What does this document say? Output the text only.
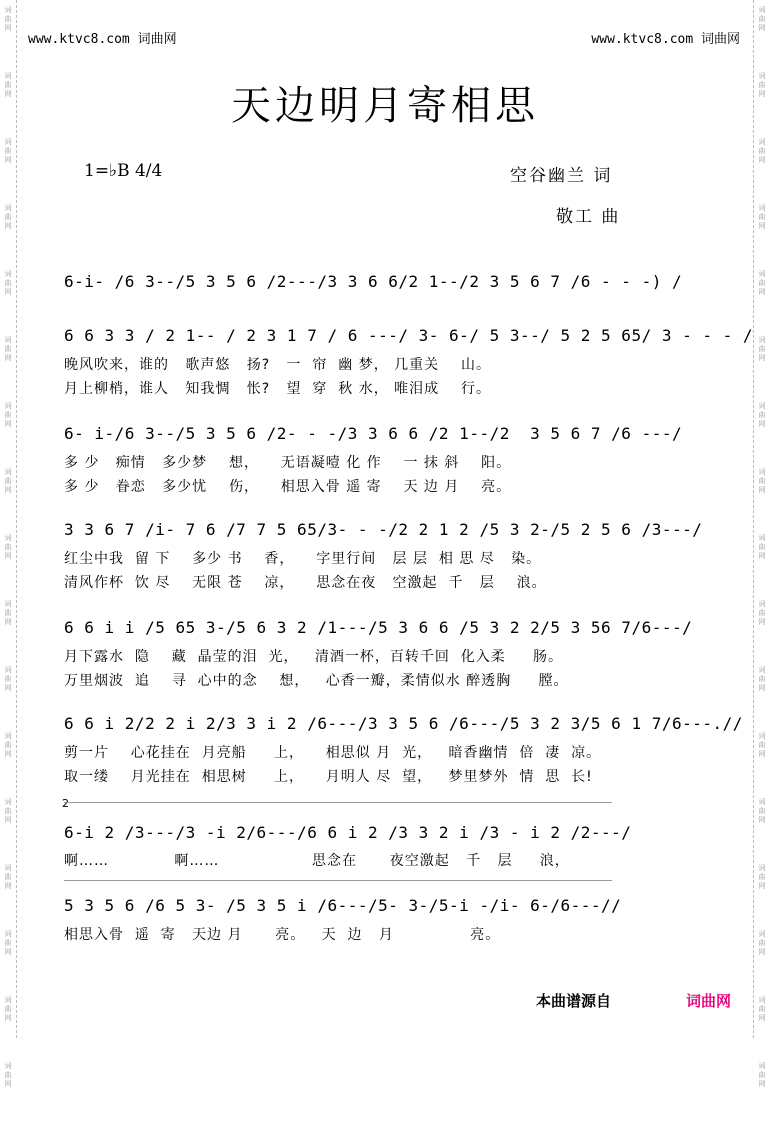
词
曲
网
词
曲
网
词
曲
网
词
曲
网
词
曲
网
词
曲
网
词
曲
网
词
曲
网
词
曲
网
词
曲
网
词
曲
网
词
曲
网
词
曲
网
词
曲
网
词
曲
网
词
曲
网
词
曲
网
词
曲
网
词
曲
网
词
曲
网
词
曲
网
词
曲
网
词
曲
网
词
曲
网
词
曲
网
词
曲
网
词
曲
网
词
曲
网
词
曲
网
词
曲
网
词
曲
网
词
曲
网
词
曲
网
词
曲
网
www.ktvc8.com 词曲网	www.ktvc8.com 词曲网
天边明月寄相思
1=♭B 4/4	空谷幽兰 词
敬工 曲
6-i- /6 3--/5 3 5 6 /2---/3 3 6 6/2 1--/2 3 5 6 7 /6 - - -) /
6 6 3 3 / 2 1-- / 2 3 1 7 / 6 ---/ 3- 6-/ 5 3--/ 5 2 5 65/ 3 - - - /
晚风吹来，谁的   歌声悠   扬?   一  帘  幽 梦， 几重关    山。
月上柳梢，谁人   知我惆   怅?   望  穿  秋 水， 唯泪成    行。
6- i-/6 3--/5 3 5 6 /2- - -/3 3 6 6 /2 1--/2  3 5 6 7 /6 ---/
多 少   痴情   多少梦    想，    无语凝噎 化 作    一 抹 斜    阳。
多 少   眷恋   多少忧    伤，    相思入骨 遥 寄    天 边 月    亮。
3 3 6 7 /i- 7 6 /7 7 5 65/3- - -/2 2 1 2 /5 3 2-/5 2 5 6 /3---/
红尘中我  留 下    多少 书    香，    字里行间   层 层  相 思 尽   染。
清风作杯  饮 尽    无限 苍    凉，    思念在夜   空激起  千   层    浪。
6 6 i i /5 65 3-/5 6 3 2 /1---/5 3 6 6 /5 3 2 2/5 3 56 7/6---/
月下露水  隐    藏  晶莹的泪  光，   清酒一杯，百转千回  化入柔     肠。
万里烟波  追    寻  心中的念    想，   心香一瓣，柔情似水 醉透胸     膛。
6 6 i 2/2 2 i 2/3 3 i 2 /6---/3 3 5 6 /6---/5 3 2 3/5 6 1 7/6---.//
剪一片    心花挂在  月亮船     上，    相思似 月  光，   暗香幽情  倍  凄  凉。
取一缕    月光挂在  相思树     上，    月明人 尽  望，   梦里梦外  情  思  长!
2
6-i 2 /3---/3 -i 2/6---/6 6 i 2 /3 3 2 i /3 - i 2 /2---/
啊……            啊……                 思念在      夜空激起   千   层     浪，
5 3 5 6 /6 5 3- /5 3 5 i /6---/5- 3-/5-i -/i- 6-/6---//
相思入骨  遥  寄   天边 月      亮。   天  边   月              亮。
本曲谱源自	词曲网
